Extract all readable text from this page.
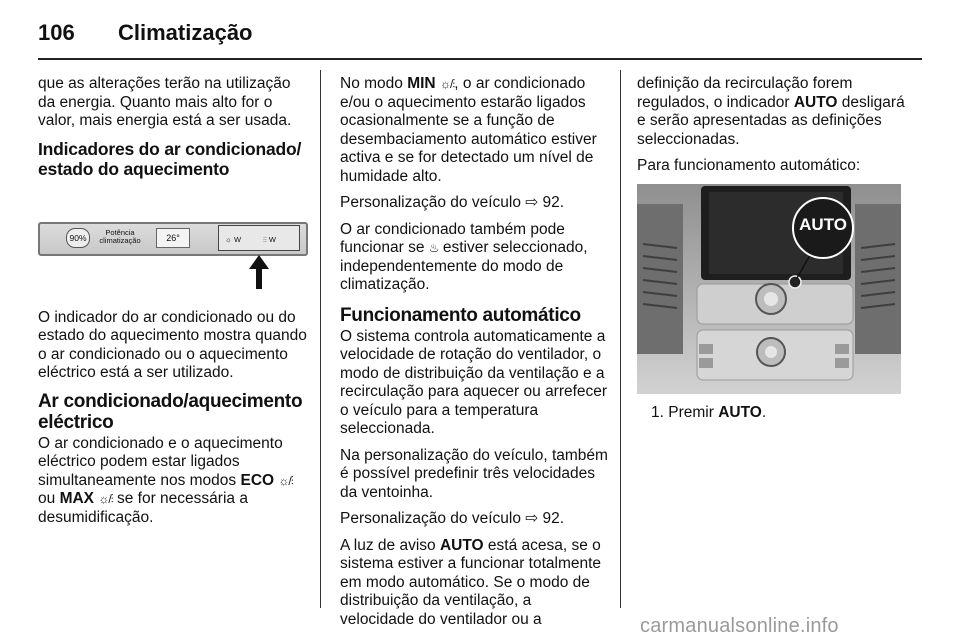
106 Climatização

que as alterações terão na utilização da energia. Quanto mais alto for o valor, mais energia está a ser usada.

Indicadores do ar condicionado/ estado do aquecimento
90%
Potência
climatização	26°	☼ W	⫶⫶ W

O indicador do ar condicionado ou do estado do aquecimento mostra quando o ar condicionado ou o aquecimento eléctrico está a ser utilizado.

Ar condicionado/aquecimento eléctrico

O ar condicionado e o aquecimento eléctrico podem estar ligados simultaneamente nos modos ECO ☼/⫶ ou MAX ☼/⫶ se for necessária a desumidificação.

No modo MIN ☼/⫶, o ar condicionado e/ou o aquecimento estarão ligados ocasionalmente se a função de desembaciamento automático estiver activa e se for detectado um nível de humidade alto.

Personalização do veículo ⇨ 92.

O ar condicionado também pode funcionar se ♨ estiver seleccionado, independentemente do modo de climatização.

Funcionamento automático

O sistema controla automaticamente a velocidade de rotação do ventilador, o modo de distribuição da ventilação e a recirculação para aquecer ou arrefecer o veículo para a temperatura seleccionada.

Na personalização do veículo, também é possível predefinir três velocidades da ventoinha.

Personalização do veículo ⇨ 92.

A luz de aviso AUTO está acesa, se o sistema estiver a funcionar totalmente em modo automático. Se o modo de distribuição da ventilação, a velocidade do ventilador ou a

definição da recirculação forem regulados, o indicador AUTO desligará e serão apresentadas as definições seleccionadas.

Para funcionamento automático:

AUTO
1. Premir AUTO.
carmanualsonline.info
